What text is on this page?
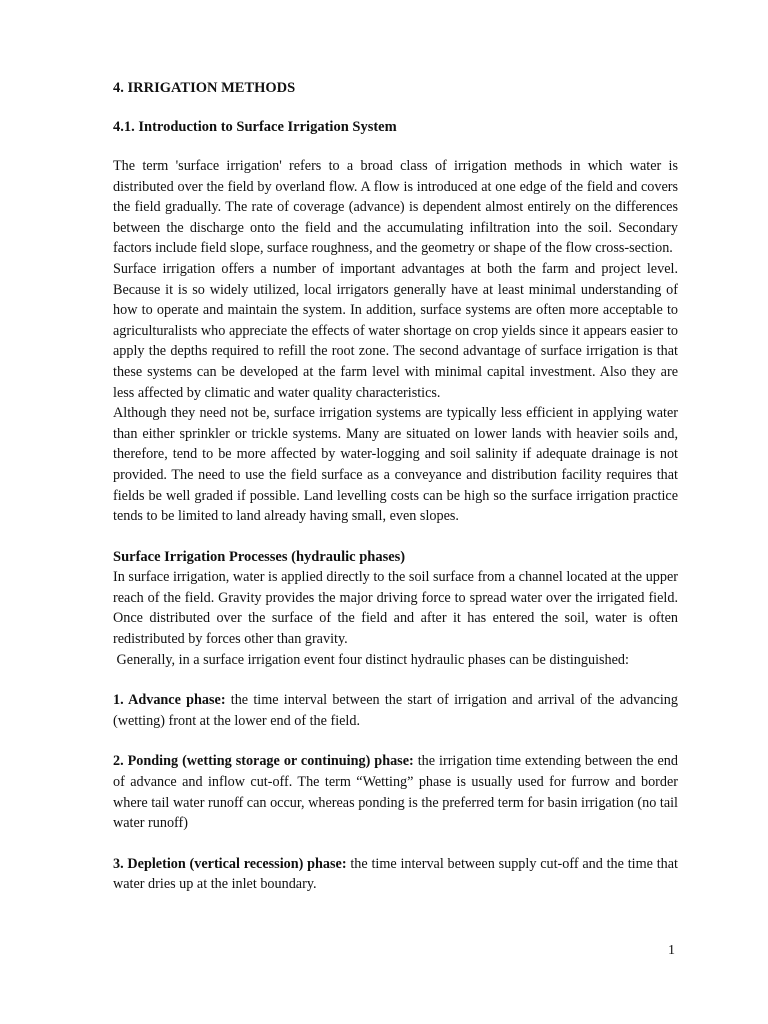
4. IRRIGATION METHODS
4.1. Introduction to Surface Irrigation System

The term 'surface irrigation' refers to a broad class of irrigation methods in which water is distributed over the field by overland flow. A flow is introduced at one edge of the field and covers the field gradually. The rate of coverage (advance) is dependent almost entirely on the differences between the discharge onto the field and the accumulating infiltration into the soil. Secondary factors include field slope, surface roughness, and the geometry or shape of the flow cross-section.

Surface irrigation offers a number of important advantages at both the farm and project level. Because it is so widely utilized, local irrigators generally have at least minimal understanding of how to operate and maintain the system. In addition, surface systems are often more acceptable to agriculturalists who appreciate the effects of water shortage on crop yields since it appears easier to apply the depths required to refill the root zone. The second advantage of surface irrigation is that these systems can be developed at the farm level with minimal capital investment. Also they are less affected by climatic and water quality characteristics.

Although they need not be, surface irrigation systems are typically less efficient in applying water than either sprinkler or trickle systems. Many are situated on lower lands with heavier soils and, therefore, tend to be more affected by water-logging and soil salinity if adequate drainage is not provided. The need to use the field surface as a conveyance and distribution facility requires that fields be well graded if possible. Land levelling costs can be high so the surface irrigation practice tends to be limited to land already having small, even slopes.

Surface Irrigation Processes (hydraulic phases)

In surface irrigation, water is applied directly to the soil surface from a channel located at the upper reach of the field. Gravity provides the major driving force to spread water over the irrigated field. Once distributed over the surface of the field and after it has entered the soil, water is often redistributed by forces other than gravity.

Generally, in a surface irrigation event four distinct hydraulic phases can be distinguished:

1. Advance phase: the time interval between the start of irrigation and arrival of the advancing (wetting) front at the lower end of the field.

2. Ponding (wetting storage or continuing) phase: the irrigation time extending between the end of advance and inflow cut-off. The term “Wetting” phase is usually used for furrow and border where tail water runoff can occur, whereas ponding is the preferred term for basin irrigation (no tail water runoff)

3. Depletion (vertical recession) phase: the time interval between supply cut-off and the time that water dries up at the inlet boundary.

1
